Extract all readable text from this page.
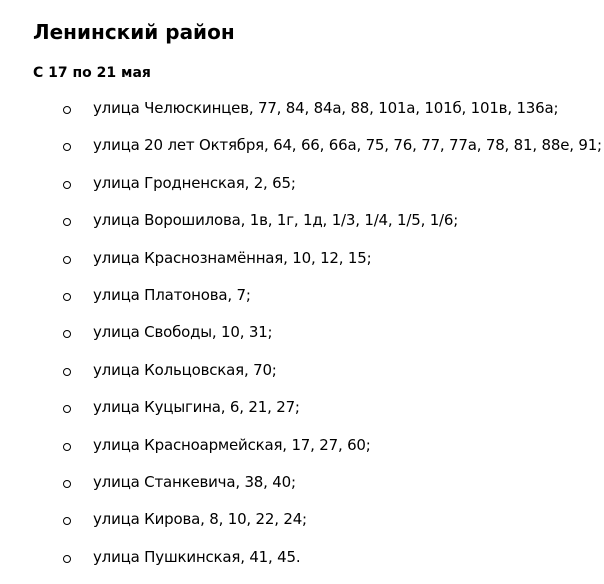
Ленинский район
С 17 по 21 мая
улица Челюскинцев, 77, 84, 84а, 88, 101а, 101б, 101в, 136а;
улица 20 лет Октября, 64, 66, 66а, 75, 76, 77, 77а, 78, 81, 88е, 91;
улица Гродненская, 2, 65;
улица Ворошилова, 1в, 1г, 1д, 1/3, 1/4, 1/5, 1/6;
улица Краснознамённая, 10, 12, 15;
улица Платонова, 7;
улица Свободы, 10, 31;
улица Кольцовская, 70;
улица Куцыгина, 6, 21, 27;
улица Красноармейская, 17, 27, 60;
улица Станкевича, 38, 40;
улица Кирова, 8, 10, 22, 24;
улица Пушкинская, 41, 45.
